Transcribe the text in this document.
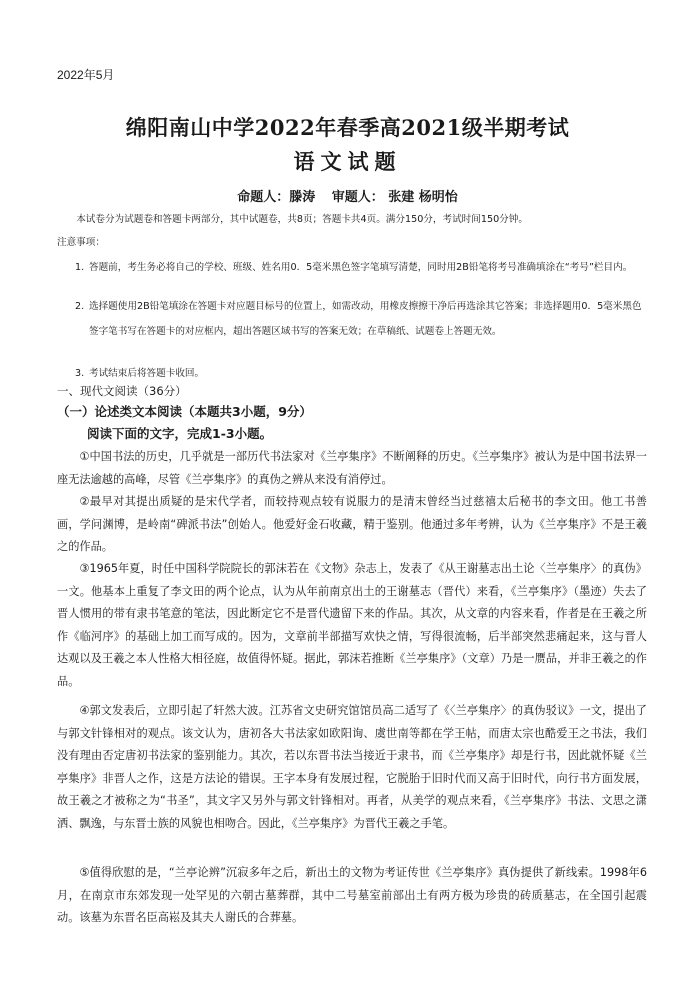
2022年5月
绵阳南山中学2022年春季高2021级半期考试
语文试题
命题人：滕涛 审题人： 张建 杨明怡
本试卷分为试题卷和答题卡两部分，其中试题卷，共8页；答题卡共4页。满分150分，考试时间150分钟。
注意事项：
1. 答题前，考生务必将自己的学校、班级、姓名用0．5毫米黑色签字笔填写清楚，同时用2B铅笔将考号准确填涂在“考号”栏目内。
2. 选择题使用2B铅笔填涂在答题卡对应题目标号的位置上，如需改动，用橡皮擦擦干净后再选涂其它答案；非选择题用0．5毫米黑色签字笔书写在答题卡的对应框内，超出答题区域书写的答案无效；在草稿纸、试题卷上答题无效。
3. 考试结束后将答题卡收回。
一、现代文阅读（36分）
（一）论述类文本阅读（本题共3小题，9分）
阅读下面的文字，完成1-3小题。
①中国书法的历史，几乎就是一部历代书法家对《兰亭集序》不断阐释的历史。《兰亭集序》被认为是中国书法界一座无法逾越的高峰，尽管《兰亭集序》的真伪之辨从来没有消停过。
②最早对其提出质疑的是宋代学者，而较持观点较有说服力的是清末曾经当过慈禧太后秘书的李文田。他工书善画，学问渊博，是岭南“碑派书法”创始人。他爱好金石收藏，精于鉴别。他通过多年考辨，认为《兰亭集序》不是王羲之的作品。
③1965年夏，时任中国科学院院长的郭沫若在《文物》杂志上，发表了《从王谢墓志出土论〈兰亭集序〉的真伪》一文。他基本上重复了李文田的两个论点，认为从年前南京出土的王谢墓志（晋代）来看，《兰亭集序》（墨迹）失去了晋人惯用的带有隶书笔意的笔法，因此断定它不是晋代遗留下来的作品。其次，从文章的内容来看，作者是在王羲之所作《临河序》的基础上加工而写成的。因为，文章前半部描写欢快之情，写得很流畅，后半部突然悲痛起来，这与晋人达观以及王羲之本人性格大相径庭，故值得怀疑。据此，郭沫若推断《兰亭集序》（文章）乃是一赝品，并非王羲之的作品。
④郭文发表后，立即引起了轩然大波。江苏省文史研究馆馆员高二适写了《〈兰亭集序〉的真伪驳议》一文，提出了与郭文针锋相对的观点。该文认为，唐初各大书法家如欧阳询、虞世南等都在学王帖，而唐太宗也酷爱王之书法，我们没有理由否定唐初书法家的鉴别能力。其次，若以东晋书法当接近于隶书，而《兰亭集序》却是行书，因此就怀疑《兰亭集序》非晋人之作，这是方法论的错误。王字本身有发展过程，它脱胎于旧时代而又高于旧时代，向行书方面发展，故王羲之才被称之为“书圣”，其文字又另外与郭文针锋相对。再者，从美学的观点来看，《兰亭集序》书法、文思之潇洒、飘逸，与东晋士族的风貌也相吻合。因此，《兰亭集序》为晋代王羲之手笔。
⑤值得欣慰的是，“兰亭论辨”沉寂多年之后，新出土的文物为考证传世《兰亭集序》真伪提供了新线索。1998年6月，在南京市东郊发现一处罕见的六朝古墓葬群，其中二号墓室前部出土有两方极为珍贵的砖质墓志，在全国引起震动。该墓为东晋名臣高崧及其夫人谢氏的合葬墓。
